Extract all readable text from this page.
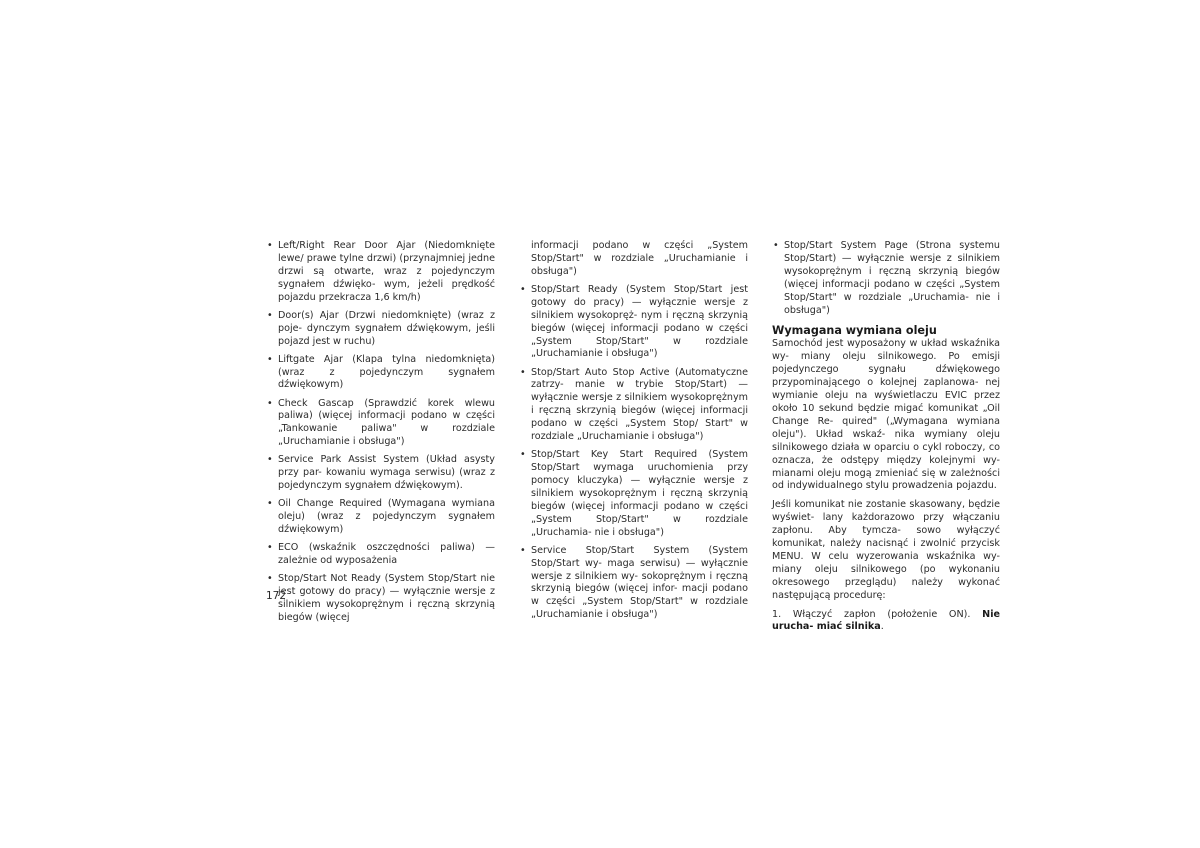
• Left/Right Rear Door Ajar (Niedomknięte lewe/ prawe tylne drzwi) (przynajmniej jedne drzwi są otwarte, wraz z pojedynczym sygnałem dźwięko- wym, jeżeli prędkość pojazdu przekracza 1,6 km/h)
• Door(s) Ajar (Drzwi niedomknięte) (wraz z poje- dynczym sygnałem dźwiękowym, jeśli pojazd jest w ruchu)
• Liftgate Ajar (Klapa tylna niedomknięta) (wraz z pojedynczym sygnałem dźwiękowym)
• Check Gascap (Sprawdzić korek wlewu paliwa) (więcej informacji podano w części „Tankowanie paliwa" w rozdziale „Uruchamianie i obsługa")
• Service Park Assist System (Układ asysty przy par- kowaniu wymaga serwisu) (wraz z pojedynczym sygnałem dźwiękowym).
• Oil Change Required (Wymagana wymiana oleju) (wraz z pojedynczym sygnałem dźwiękowym)
• ECO (wskaźnik oszczędności paliwa) — zależnie od wyposażenia
• Stop/Start Not Ready (System Stop/Start nie jest gotowy do pracy) — wyłącznie wersje z silnikiem wysokoprężnym i ręczną skrzynią biegów (więcej
informacji podano w części „System Stop/Start" w rozdziale „Uruchamianie i obsługa")
• Stop/Start Ready (System Stop/Start jest gotowy do pracy) — wyłącznie wersje z silnikiem wysokopręż- nym i ręczną skrzynią biegów (więcej informacji podano w części „System Stop/Start" w rozdziale „Uruchamianie i obsługa")
• Stop/Start Auto Stop Active (Automatyczne zatrzy- manie w trybie Stop/Start) — wyłącznie wersje z silnikiem wysokoprężnym i ręczną skrzynią biegów (więcej informacji podano w części „System Stop/ Start" w rozdziale „Uruchamianie i obsługa")
• Stop/Start Key Start Required (System Stop/Start wymaga uruchomienia przy pomocy kluczyka) — wyłącznie wersje z silnikiem wysokoprężnym i ręczną skrzynią biegów (więcej informacji podano w części „System Stop/Start" w rozdziale „Uruchamia- nie i obsługa")
• Service Stop/Start System (System Stop/Start wy- maga serwisu) — wyłącznie wersje z silnikiem wy- sokoprężnym i ręczną skrzynią biegów (więcej infor- macji podano w części „System Stop/Start" w rozdziale „Uruchamianie i obsługa")
• Stop/Start System Page (Strona systemu Stop/Start) — wyłącznie wersje z silnikiem wysokoprężnym i ręczną skrzynią biegów (więcej informacji podano w części „System Stop/Start" w rozdziale „Uruchamia- nie i obsługa")
Wymagana wymiana oleju

Samochód jest wyposażony w układ wskaźnika wy- miany oleju silnikowego. Po emisji pojedynczego sygnału dźwiękowego przypominającego o kolejnej zaplanowa- nej wymianie oleju na wyświetlaczu EVIC przez około 10 sekund będzie migać komunikat „Oil Change Re- quired" („Wymagana wymiana oleju"). Układ wskaź- nika wymiany oleju silnikowego działa w oparciu o cykl roboczy, co oznacza, że odstępy między kolejnymi wy- mianami oleju mogą zmieniać się w zależności od indywidualnego stylu prowadzenia pojazdu.

Jeśli komunikat nie zostanie skasowany, będzie wyświet- lany każdorazowo przy włączaniu zapłonu. Aby tymcza- sowo wyłączyć komunikat, należy nacisnąć i zwolnić przycisk MENU. W celu wyzerowania wskaźnika wy- miany oleju silnikowego (po wykonaniu okresowego przeglądu) należy wykonać następującą procedurę:

1. Włączyć zapłon (położenie ON). Nie urucha- miać silnika.

172
